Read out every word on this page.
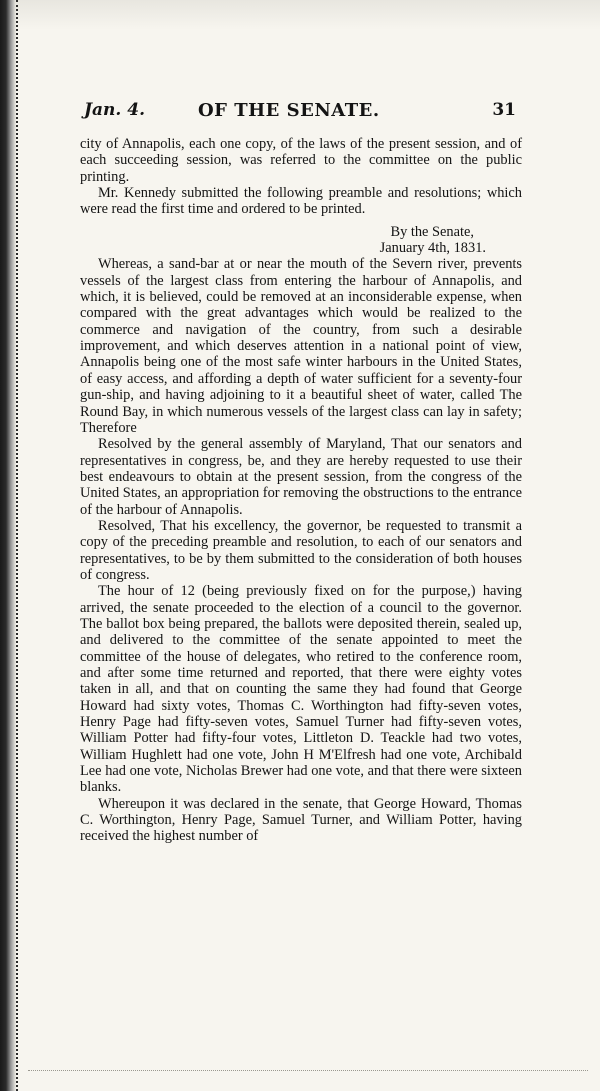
Jan. 4.	OF THE SENATE.	31

city of Annapolis, each one copy, of the laws of the present session, and of each succeeding session, was referred to the committee on the public printing.

Mr. Kennedy submitted the following preamble and resolutions; which were read the first time and ordered to be printed.

By the Senate,

January 4th, 1831.

Whereas, a sand-bar at or near the mouth of the Severn river, prevents vessels of the largest class from entering the harbour of Annapolis, and which, it is believed, could be removed at an inconsiderable expense, when compared with the great advantages which would be realized to the commerce and navigation of the country, from such a desirable improvement, and which deserves attention in a national point of view, Annapolis being one of the most safe winter harbours in the United States, of easy access, and affording a depth of water sufficient for a seventy-four gun-ship, and having adjoining to it a beautiful sheet of water, called The Round Bay, in which numerous vessels of the largest class can lay in safety; Therefore

Resolved by the general assembly of Maryland, That our senators and representatives in congress, be, and they are hereby requested to use their best endeavours to obtain at the present session, from the congress of the United States, an appropriation for removing the obstructions to the entrance of the harbour of Annapolis.

Resolved, That his excellency, the governor, be requested to transmit a copy of the preceding preamble and resolution, to each of our senators and representatives, to be by them submitted to the consideration of both houses of congress.

The hour of 12 (being previously fixed on for the purpose,) having arrived, the senate proceeded to the election of a council to the governor. The ballot box being prepared, the ballots were deposited therein, sealed up, and delivered to the committee of the senate appointed to meet the committee of the house of delegates, who retired to the conference room, and after some time returned and reported, that there were eighty votes taken in all, and that on counting the same they had found that George Howard had sixty votes, Thomas C. Worthington had fifty-seven votes, Henry Page had fifty-seven votes, Samuel Turner had fifty-seven votes, William Potter had fifty-four votes, Littleton D. Teackle had two votes, William Hughlett had one vote, John H M'Elfresh had one vote, Archibald Lee had one vote, Nicholas Brewer had one vote, and that there were sixteen blanks.

Whereupon it was declared in the senate, that George Howard, Thomas C. Worthington, Henry Page, Samuel Turner, and William Potter, having received the highest number of
